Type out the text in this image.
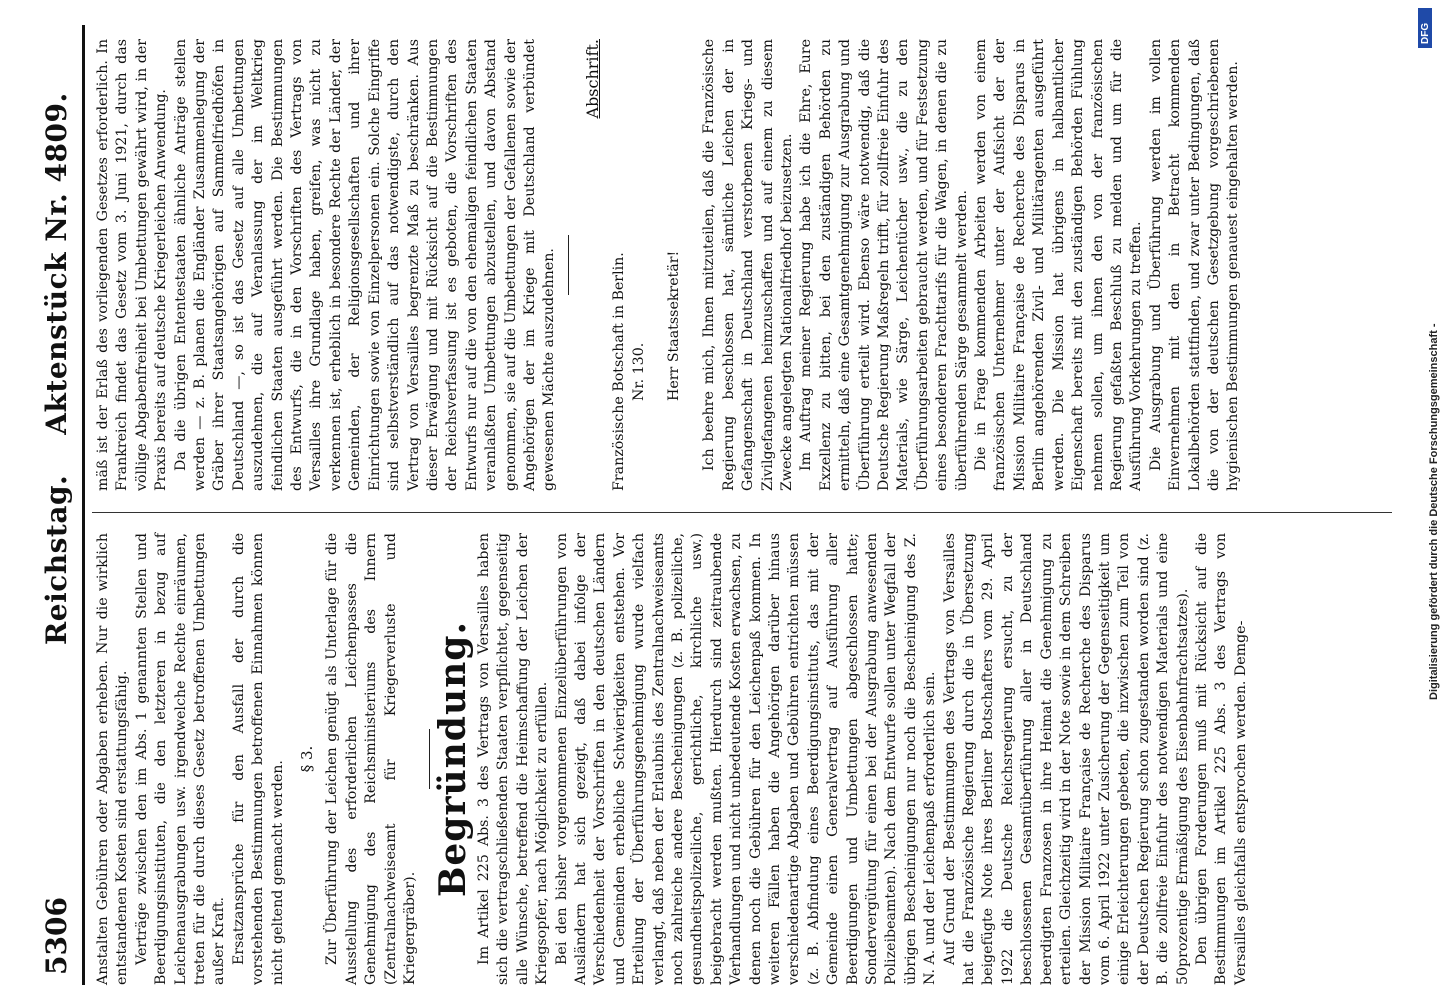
5306
Reichstag.Aktenstück Nr. 4809.

Anstalten Gebühren oder Abgaben erheben. Nur die wirklich entstandenen Kosten sind erstattungsfähig. Verträge zwischen den im Abs. 1 genannten Stellen und Beerdigungsinstituten, die den letzteren in bezug auf Leichenausgrabungen usw. irgendwelche Rechte einräumen, treten für die durch dieses Gesetz betroffenen Umbettungen außer Kraft. Ersatzansprüche für den Ausfall der durch die vorstehenden Bestimmungen betroffenen Einnahmen können nicht geltend gemacht werden.

§ 3. Zur Überführung der Leichen genügt als Unterlage für die Ausstellung des erforderlichen Leichenpasses die Genehmigung des Reichsministeriums des Innern (Zentralnachweiseamt für Kriegerverluste und Kriegergräber).

Begründung. Im Artikel 225 Abs. 3 des Vertrags von Versailles haben sich die vertragschließenden Staaten verpflichtet, gegenseitig alle Wünsche, betreffend die Heimschaffung der Leichen der Kriegsopfer, nach Möglichkeit zu erfüllen. Bei den bisher vorgenommenen Einzelüberführungen von Ausländern hat sich gezeigt, daß dabei infolge der Verschiedenheit der Vorschriften in den deutschen Ländern und Gemeinden erhebliche Schwierigkeiten entstehen. Vor Erteilung der Überführungsgenehmigung wurde vielfach verlangt, daß neben der Erlaubnis des Zentralnachweiseamts noch zahlreiche andere Bescheinigungen (z. B. polizeiliche, gesundheitspolizeiliche, gerichtliche, kirchliche usw.) beigebracht werden mußten. Hierdurch sind zeitraubende Verhandlungen und nicht unbedeutende Kosten erwachsen, zu denen noch die Gebühren für den Leichenpaß kommen. In weiteren Fällen haben die Angehörigen darüber hinaus verschiedenartige Abgaben und Gebühren entrichten müssen (z. B. Abfindung eines Beerdigungsinstituts, das mit der Gemeinde einen Generalvertrag auf Ausführung aller Beerdigungen und Umbettungen abgeschlossen hatte; Sondervergütung für einen bei der Ausgrabung anwesenden Polizeibeamten). Nach dem Entwurfe sollen unter Wegfall der übrigen Bescheinigungen nur noch die Bescheinigung des Z. N. A. und der Leichenpaß erforderlich sein. Auf Grund der Bestimmungen des Vertrags von Versailles hat die Französische Regierung durch die in Übersetzung beigefügte Note ihres Berliner Botschafters vom 29. April 1922 die Deutsche Reichsregierung ersucht, zu der beschlossenen Gesamtüberführung aller in Deutschland beerdigten Franzosen in ihre Heimat die Genehmigung zu erteilen. Gleichzeitig wird in der Note sowie in dem Schreiben der Mission Militaire Française de Recherche des Disparus vom 6. April 1922 unter Zusicherung der Gegenseitigkeit um einige Erleichterungen gebeten, die inzwischen zum Teil von der Deutschen Regierung schon zugestanden worden sind (z. B. die zollfreie Einfuhr des notwendigen Materials und eine 50prozentige Ermäßigung des Eisenbahnfrachtsatzes). Den übrigen Forderungen muß mit Rücksicht auf die Bestimmungen im Artikel 225 Abs. 3 des Vertrags von Versailles gleichfalls entsprochen werden. Demge-

mäß ist der Erlaß des vorliegenden Gesetzes erforderlich. In Frankreich findet das Gesetz vom 3. Juni 1921, durch das völlige Abgabenfreiheit bei Umbettungen gewährt wird, in der Praxis bereits auf deutsche Kriegerleichen Anwendung. Da die übrigen Ententestaaten ähnliche Anträge stellen werden — z. B. planen die Engländer Zusammenlegung der Gräber ihrer Staatsangehörigen auf Sammelfriedhöfen in Deutschland —, so ist das Gesetz auf alle Umbettungen auszudehnen, die auf Veranlassung der im Weltkrieg feindlichen Staaten ausgeführt werden. Die Bestimmungen des Entwurfs, die in den Vorschriften des Vertrags von Versailles ihre Grundlage haben, greifen, was nicht zu verkennen ist, erheblich in besondere Rechte der Länder, der Gemeinden, der Religionsgesellschaften und ihrer Einrichtungen sowie von Einzelpersonen ein. Solche Eingriffe sind selbstverständlich auf das notwendigste, durch den Vertrag von Versailles begrenzte Maß zu beschränken. Aus dieser Erwägung und mit Rücksicht auf die Bestimmungen der Reichsverfassung ist es geboten, die Vorschriften des Entwurfs nur auf die von den ehemaligen feindlichen Staaten veranlaßten Umbettungen abzustellen, und davon Abstand genommen, sie auf die Umbettungen der Gefallenen sowie der Angehörigen der im Kriege mit Deutschland verbündet gewesenen Mächte auszudehnen.

Abschrift.

Französische Botschaft in Berlin. Nr. 130. Herr Staatssekretär! Ich beehre mich, Ihnen mitzuteilen, daß die Französische Regierung beschlossen hat, sämtliche Leichen der in Gefangenschaft in Deutschland verstorbenen Kriegs- und Zivilgefangenen heimzuschaffen und auf einem zu diesem Zwecke angelegten Nationalfriedhof beizusetzen. Im Auftrag meiner Regierung habe ich die Ehre, Eure Exzellenz zu bitten, bei den zuständigen Behörden zu ermitteln, daß eine Gesamtgenehmigung zur Ausgrabung und Überführung erteilt wird. Ebenso wäre notwendig, daß die Deutsche Regierung Maßregeln trifft, für zollfreie Einfuhr des Materials, wie Särge, Leichentücher usw., die zu den Überführungsarbeiten gebraucht werden, und für Festsetzung eines besonderen Frachttarifs für die Wagen, in denen die zu überführenden Särge gesammelt werden. Die in Frage kommenden Arbeiten werden von einem französischen Unternehmer unter der Aufsicht der der Mission Militaire Française de Recherche des Disparus in Berlin angehörenden Zivil- und Militäragenten ausgeführt werden. Die Mission hat übrigens in halbamtlicher Eigenschaft bereits mit den zuständigen Behörden Fühlung nehmen sollen, um ihnen den von der französischen Regierung gefaßten Beschluß zu melden und um für die Ausführung Vorkehrungen zu treffen. Die Ausgrabung und Überführung werden im vollen Einvernehmen mit den in Betracht kommenden Lokalbehörden stattfinden, und zwar unter Bedingungen, daß die von der deutschen Gesetzgebung vorgeschriebenen hygienischen Bestimmungen genauest eingehalten werden.

DFG
Digitalisierung gefördert durch die Deutsche Forschungsgemeinschaft -
